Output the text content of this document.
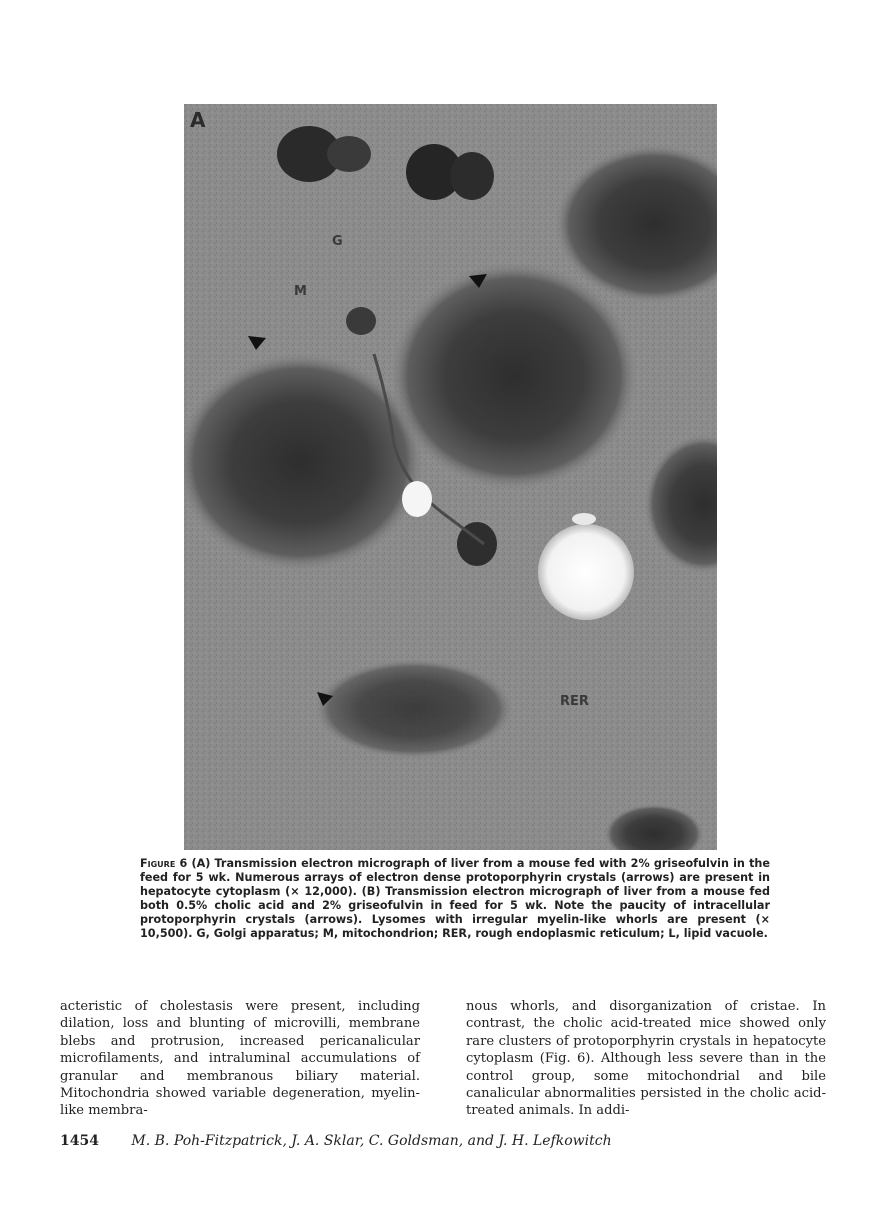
A
G
M
RER
Figure 6 (A) Transmission electron micrograph of liver from a mouse fed with 2% griseofulvin in the feed for 5 wk. Numerous arrays of electron dense protoporphyrin crystals (arrows) are present in hepatocyte cytoplasm (× 12,000). (B) Transmission electron micrograph of liver from a mouse fed both 0.5% cholic acid and 2% griseofulvin in feed for 5 wk. Note the paucity of intracellular protoporphyrin crystals (arrows). Lysomes with irregular myelin-like whorls are present (× 10,500). G, Golgi apparatus; M, mitochondrion; RER, rough endoplasmic reticulum; L, lipid vacuole.
acteristic of cholestasis were present, including dilation, loss and blunting of microvilli, membrane blebs and protrusion, increased pericanalicular microfilaments, and intraluminal accumulations of granular and membranous biliary material. Mitochondria showed variable degeneration, myelin-like membra-
nous whorls, and disorganization of cristae. In contrast, the cholic acid-treated mice showed only rare clusters of protoporphyrin crystals in hepatocyte cytoplasm (Fig. 6). Although less severe than in the control group, some mitochondrial and bile canalicular abnormalities persisted in the cholic acid-treated animals. In addi-
1454 M. B. Poh-Fitzpatrick, J. A. Sklar, C. Goldsman, and J. H. Lefkowitch
